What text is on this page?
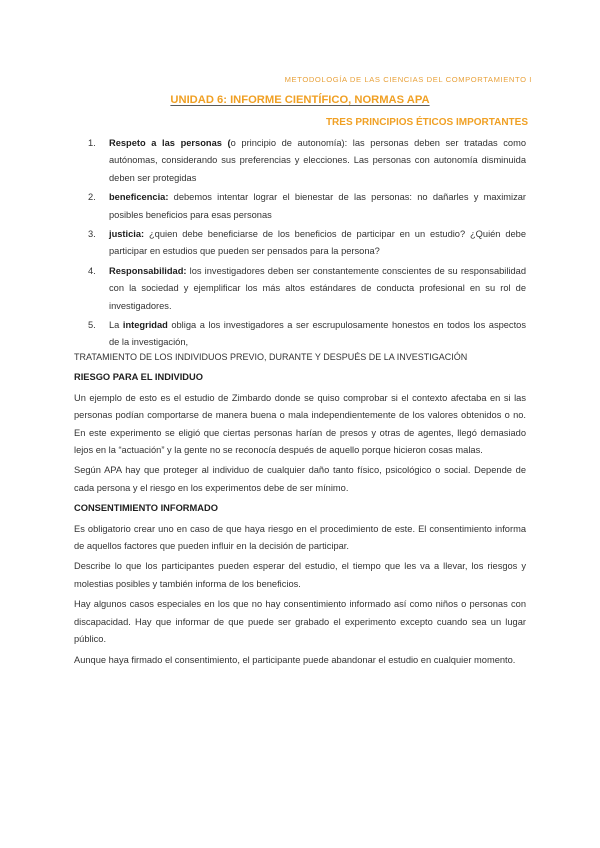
METODOLOGÍA DE LAS CIENCIAS DEL COMPORTAMIENTO I
UNIDAD 6: INFORME CIENTÍFICO, NORMAS APA
TRES PRINCIPIOS ÉTICOS IMPORTANTES
1. Respeto a las personas (o principio de autonomía): las personas deben ser tratadas como autónomas, considerando sus preferencias y elecciones. Las personas con autonomía disminuida deben ser protegidas
2. beneficencia: debemos intentar lograr el bienestar de las personas: no dañarles y maximizar posibles beneficios para esas personas
3. justicia: ¿quien debe beneficiarse de los beneficios de participar en un estudio? ¿Quién debe participar en estudios que pueden ser pensados para la persona?
4. Responsabilidad: los investigadores deben ser constantemente conscientes de su responsabilidad con la sociedad y ejemplificar los más altos estándares de conducta profesional en su rol de investigadores.
5. La integridad obliga a los investigadores a ser escrupulosamente honestos en todos los aspectos de la investigación,

TRATAMIENTO DE LOS INDIVIDUOS PREVIO, DURANTE Y DESPUÉS DE LA INVESTIGACIÓN

RIESGO PARA EL INDIVIDUO

Un ejemplo de esto es el estudio de Zimbardo donde se quiso comprobar si el contexto afectaba en si las personas podían comportarse de manera buena o mala independientemente de los valores obtenidos o no. En este experimento se eligió que ciertas personas harían de presos y otras de agentes, llegó demasiado lejos en la “actuación” y la gente no se reconocía después de aquello porque hicieron cosas malas.

Según APA hay que proteger al individuo de cualquier daño tanto físico, psicológico o social. Depende de cada persona y el riesgo en los experimentos debe de ser mínimo.

CONSENTIMIENTO INFORMADO

Es obligatorio crear uno en caso de que haya riesgo en el procedimiento de este. El consentimiento informa de aquellos factores que pueden influir en la decisión de participar.

Describe lo que los participantes pueden esperar del estudio, el tiempo que les va a llevar, los riesgos y molestias posibles y también informa de los beneficios.

Hay algunos casos especiales en los que no hay consentimiento informado así como niños o personas con discapacidad. Hay que informar de que puede ser grabado el experimento excepto cuando sea un lugar público.

Aunque haya firmado el consentimiento, el participante puede abandonar el estudio en cualquier momento.
